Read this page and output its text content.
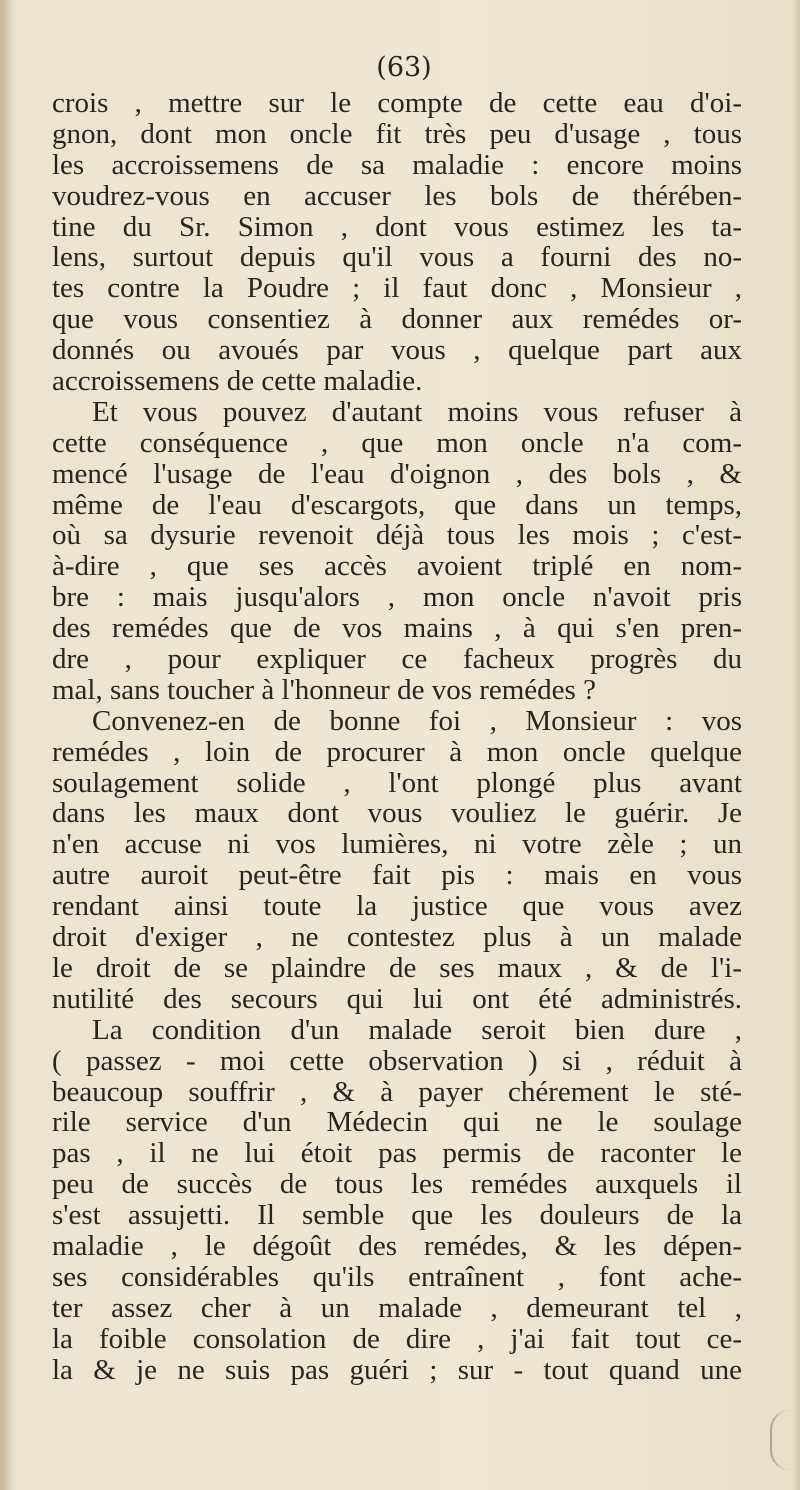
(63)
crois , mettre sur le compte de cette eau d'oi-
gnon, dont mon oncle fit très peu d'usage , tous
les accroissemens de sa maladie : encore moins
voudrez-vous en accuser les bols de thérében-
tine du Sr. Simon , dont vous estimez les ta-
lens, surtout depuis qu'il vous a fourni des no-
tes contre la Poudre ; il faut donc , Monsieur ,
que vous consentiez à donner aux remédes or-
donnés ou avoués par vous , quelque part aux
accroissemens de cette maladie.
Et vous pouvez d'autant moins vous refuser à
cette conséquence , que mon oncle n'a com-
mencé l'usage de l'eau d'oignon , des bols , &
même de l'eau d'escargots, que dans un temps,
où sa dysurie revenoit déjà tous les mois ; c'est-
à-dire , que ses accès avoient triplé en nom-
bre : mais jusqu'alors , mon oncle n'avoit pris
des remédes que de vos mains , à qui s'en pren-
dre , pour expliquer ce facheux progrès du
mal, sans toucher à l'honneur de vos remédes ?
Convenez-en de bonne foi , Monsieur : vos
remédes , loin de procurer à mon oncle quelque
soulagement solide , l'ont plongé plus avant
dans les maux dont vous vouliez le guérir. Je
n'en accuse ni vos lumières, ni votre zèle ; un
autre auroit peut-être fait pis : mais en vous
rendant ainsi toute la justice que vous avez
droit d'exiger , ne contestez plus à un malade
le droit de se plaindre de ses maux , & de l'i-
nutilité des secours qui lui ont été administrés.
La condition d'un malade seroit bien dure ,
( passez - moi cette observation ) si , réduit à
beaucoup souffrir , & à payer chérement le sté-
rile service d'un Médecin qui ne le soulage
pas , il ne lui étoit pas permis de raconter le
peu de succès de tous les remédes auxquels il
s'est assujetti. Il semble que les douleurs de la
maladie , le dégoût des remédes, & les dépen-
ses considérables qu'ils entraînent , font ache-
ter assez cher à un malade , demeurant tel ,
la foible consolation de dire , j'ai fait tout ce-
la & je ne suis pas guéri ; sur - tout quand une
